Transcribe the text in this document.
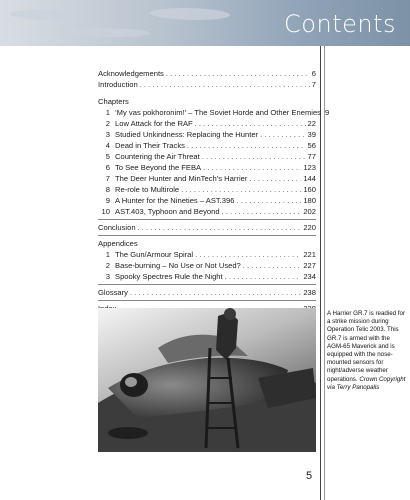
Contents
Acknowledgements . . .	6
Introduction . . .	7
Chapters
1 ‘My vas pokhoronim!’ – The Soviet Horde and Other Enemies 9
2 Low Attack for the RAF . . .	22
3 Studied Unkindness: Replacing the Hunter . . .	39
4 Dead in Their Tracks . . .	56
5 Countering the Air Threat . . .	77
6 To See Beyond the FEBA . . .	123
7 The Deer Hunter and MinTech’s Harrier . . .	144
8 Re-role to Multirole . . .	160
9 A Hunter for the Nineties – AST.396 . . .	180
10 AST.403, Typhoon and Beyond . . .	202
Conclusion . . .	220
Appendices
1 The Gun/Armour Spiral . . .	221
2 Base-burning – No Use or Not Used? . . .	227
3 Spooky Spectres Rule the Night . . .	234
Glossary . . .	238
. . .
A Harrier GR.7 is readied for a strike mission during Operation Telic 2003. This GR.7 is armed with the AGM-65 Maverick and is equipped with the nose-mounted sensors for night/adverse weather operations. Crown Copyright via Terry Panopalis
5
